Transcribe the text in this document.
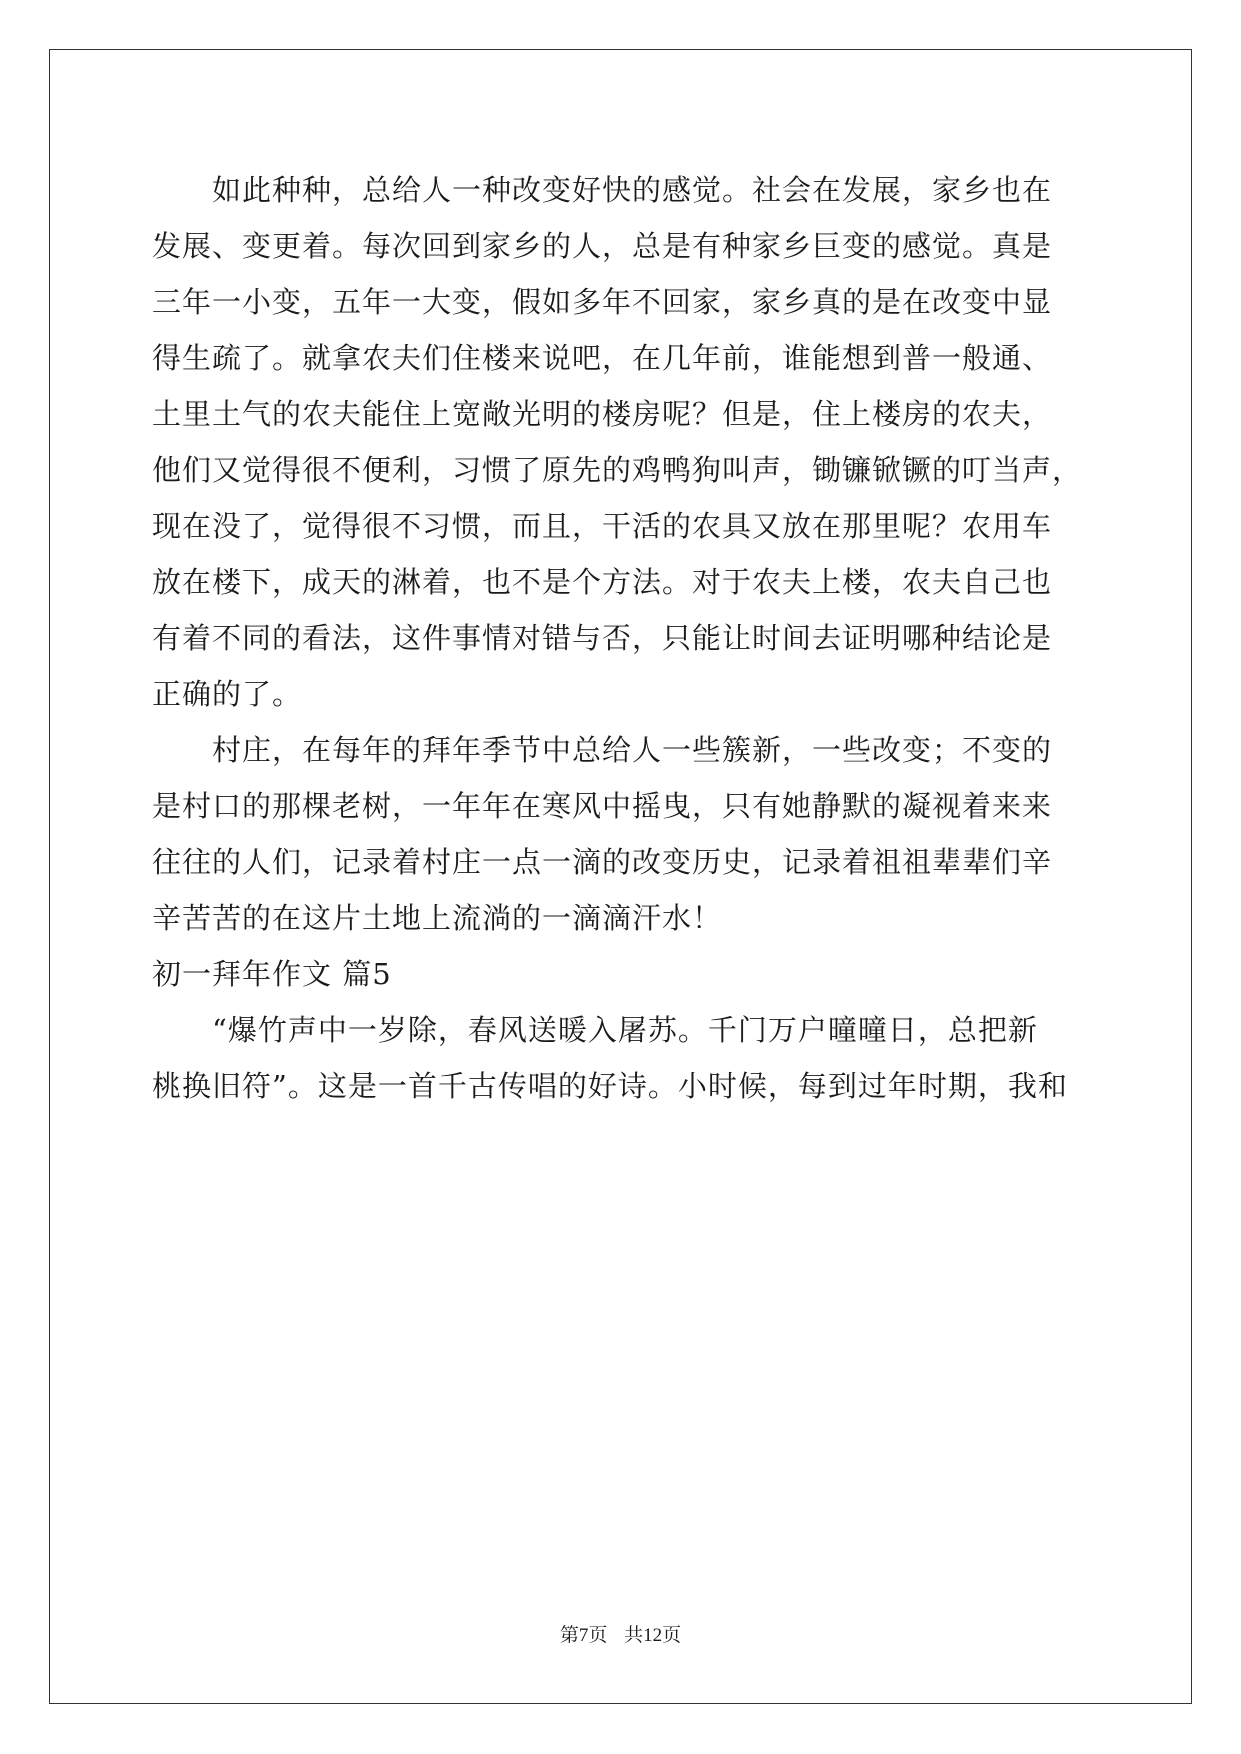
　　如此种种，总给人一种改变好快的感觉。社会在发展，家乡也在
发展、变更着。每次回到家乡的人，总是有种家乡巨变的感觉。真是
三年一小变，五年一大变，假如多年不回家，家乡真的是在改变中显
得生疏了。就拿农夫们住楼来说吧，在几年前，谁能想到普一般通、
土里土气的农夫能住上宽敞光明的楼房呢？但是，住上楼房的农夫，
他们又觉得很不便利，习惯了原先的鸡鸭狗叫声，锄镰锨镢的叮当声，
现在没了，觉得很不习惯，而且，干活的农具又放在那里呢？农用车
放在楼下，成天的淋着，也不是个方法。对于农夫上楼，农夫自己也
有着不同的看法，这件事情对错与否，只能让时间去证明哪种结论是
正确的了。
　　村庄，在每年的拜年季节中总给人一些簇新，一些改变；不变的
是村口的那棵老树，一年年在寒风中摇曳，只有她静默的凝视着来来
往往的人们，记录着村庄一点一滴的改变历史，记录着祖祖辈辈们辛
辛苦苦的在这片土地上流淌的一滴滴汗水！
初一拜年作文 篇5
　　“爆竹声中一岁除，春风送暖入屠苏。千门万户曈曈日，总把新
桃换旧符”。这是一首千古传唱的好诗。小时候，每到过年时期，我和
第7页 共12页
